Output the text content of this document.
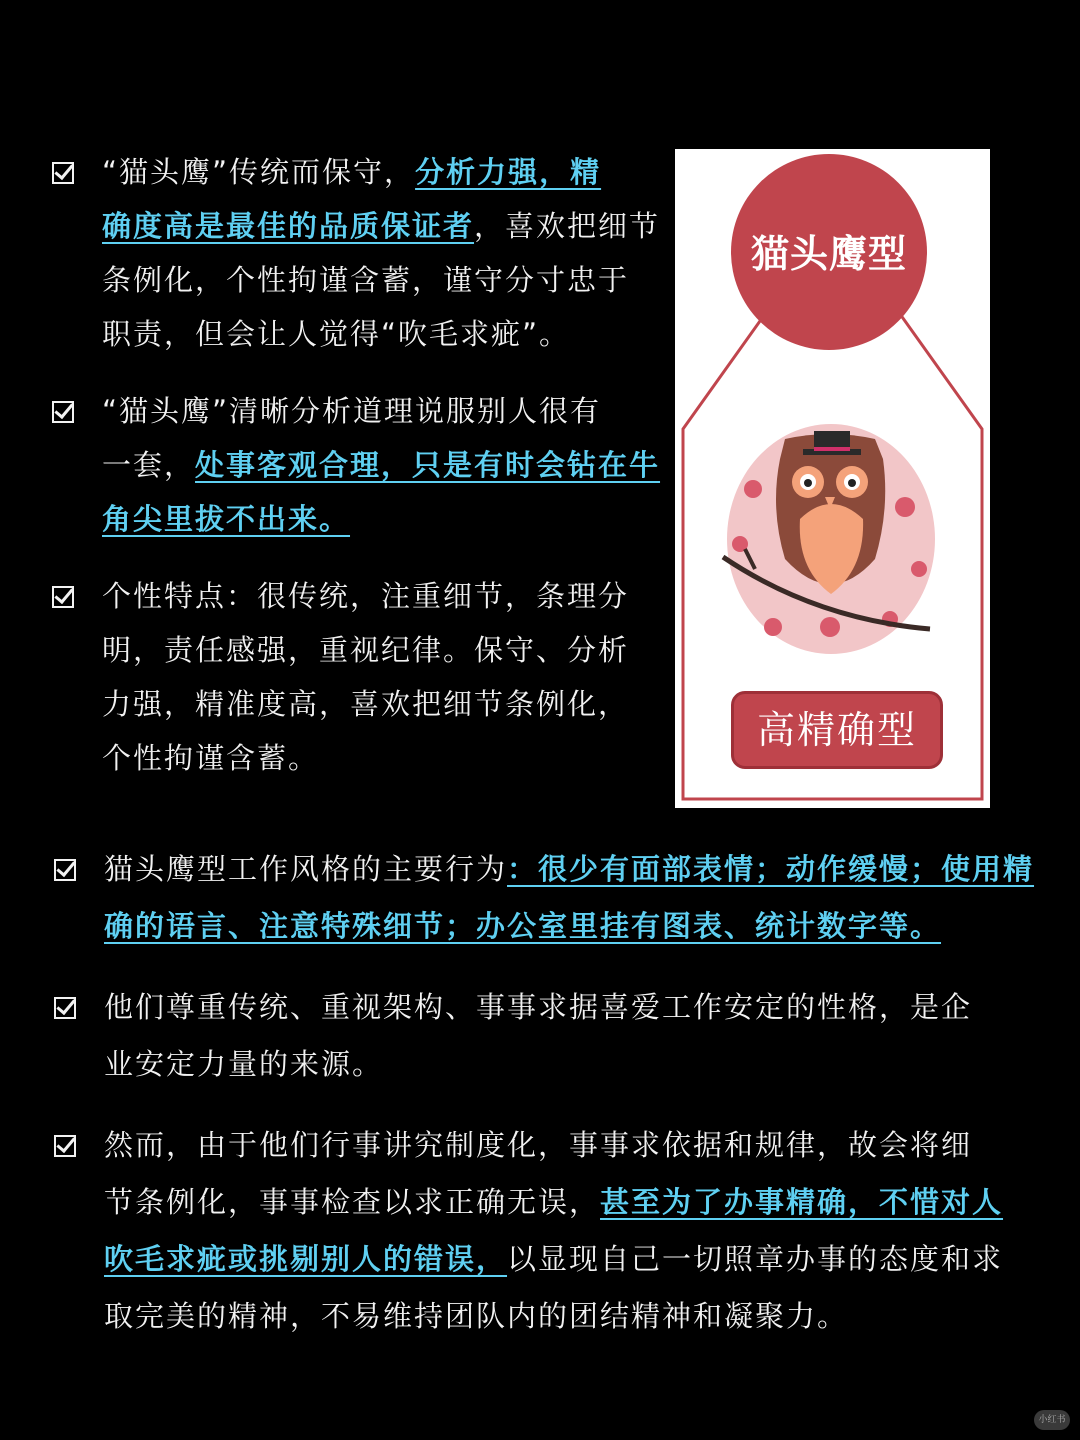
“猫头鹰”传统而保守，分析力强，精
确度高是最佳的品质保证者，喜欢把细节
条例化，个性拘谨含蓄，谨守分寸忠于
职责，但会让人觉得“吹毛求疵”。
“猫头鹰”清晰分析道理说服别人很有
一套，处事客观合理，只是有时会钻在牛
角尖里拔不出来。
个性特点：很传统，注重细节，条理分
明，责任感强，重视纪律。保守、分析
力强，精准度高，喜欢把细节条例化，
个性拘谨含蓄。
猫头鹰型工作风格的主要行为：很少有面部表情；动作缓慢；使用精
确的语言、注意特殊细节；办公室里挂有图表、统计数字等。
他们尊重传统、重视架构、事事求据喜爱工作安定的性格，是企
业安定力量的来源。
然而，由于他们行事讲究制度化，事事求依据和规律，故会将细
节条例化，事事检查以求正确无误，甚至为了办事精确，不惜对人
吹毛求疵或挑剔别人的错误，以显现自己一切照章办事的态度和求
取完美的精神，不易维持团队内的团结精神和凝聚力。
猫头鹰型
高精确型
小红书
